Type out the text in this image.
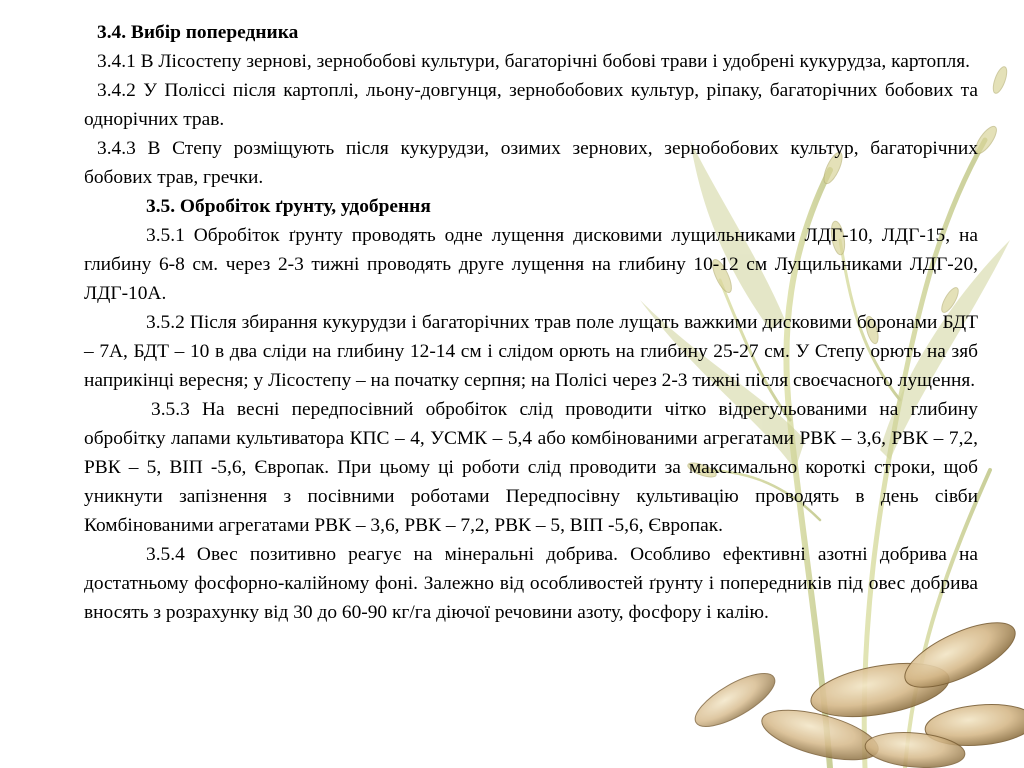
3.4. Вибір попередника

3.4.1 В Лісостепу зернові, зернобобові культури, багаторічні бобові трави і удобрені кукурудза, картопля.

3.4.2 У Поліссі після картоплі, льону-довгунця, зернобобових культур, ріпаку, багаторічних бобових та однорічних трав.

3.4.3 В Степу розміщують після кукурудзи, озимих зернових, зернобобових культур, багаторічних бобових трав, гречки.

3.5. Обробіток ґрунту, удобрення

3.5.1 Обробіток ґрунту проводять одне лущення дисковими лущильниками ЛДГ-10, ЛДГ-15, на глибину 6-8 см. через 2-3 тижні проводять друге лущення на глибину 10-12 см Лущильниками ЛДГ-20, ЛДГ-10А.

3.5.2 Після збирання кукурудзи і багаторічних трав поле лущать важкими дисковими боронами БДТ – 7А, БДТ – 10 в два сліди на глибину 12-14 см і слідом орють на глибину 25-27 см. У Степу орють на зяб наприкінці вересня; у Лісостепу – на початку серпня; на Полісі через 2-3 тижні після своєчасного лущення.

3.5.3 На весні передпосівний обробіток слід проводити чітко відрегульованими на глибину обробітку лапами культиватора КПС – 4, УСМК – 5,4 або комбінованими агрегатами РВК – 3,6, РВК – 7,2, РВК – 5, ВІП -5,6, Європак. При цьому ці роботи слід проводити за максимально короткі строки, щоб уникнути запізнення з посівними роботами Передпосівну культивацію проводять в день сівби Комбінованими агрегатами РВК – 3,6, РВК – 7,2, РВК – 5, ВІП -5,6, Європак.

3.5.4 Овес позитивно реагує на мінеральні добрива. Особливо ефективні азотні добрива на достатньому фосфорно-калійному фоні. Залежно від особливостей ґрунту і попередників під овес добрива вносять з розрахунку від 30 до 60-90 кг/га діючої речовини азоту, фосфору і калію.
